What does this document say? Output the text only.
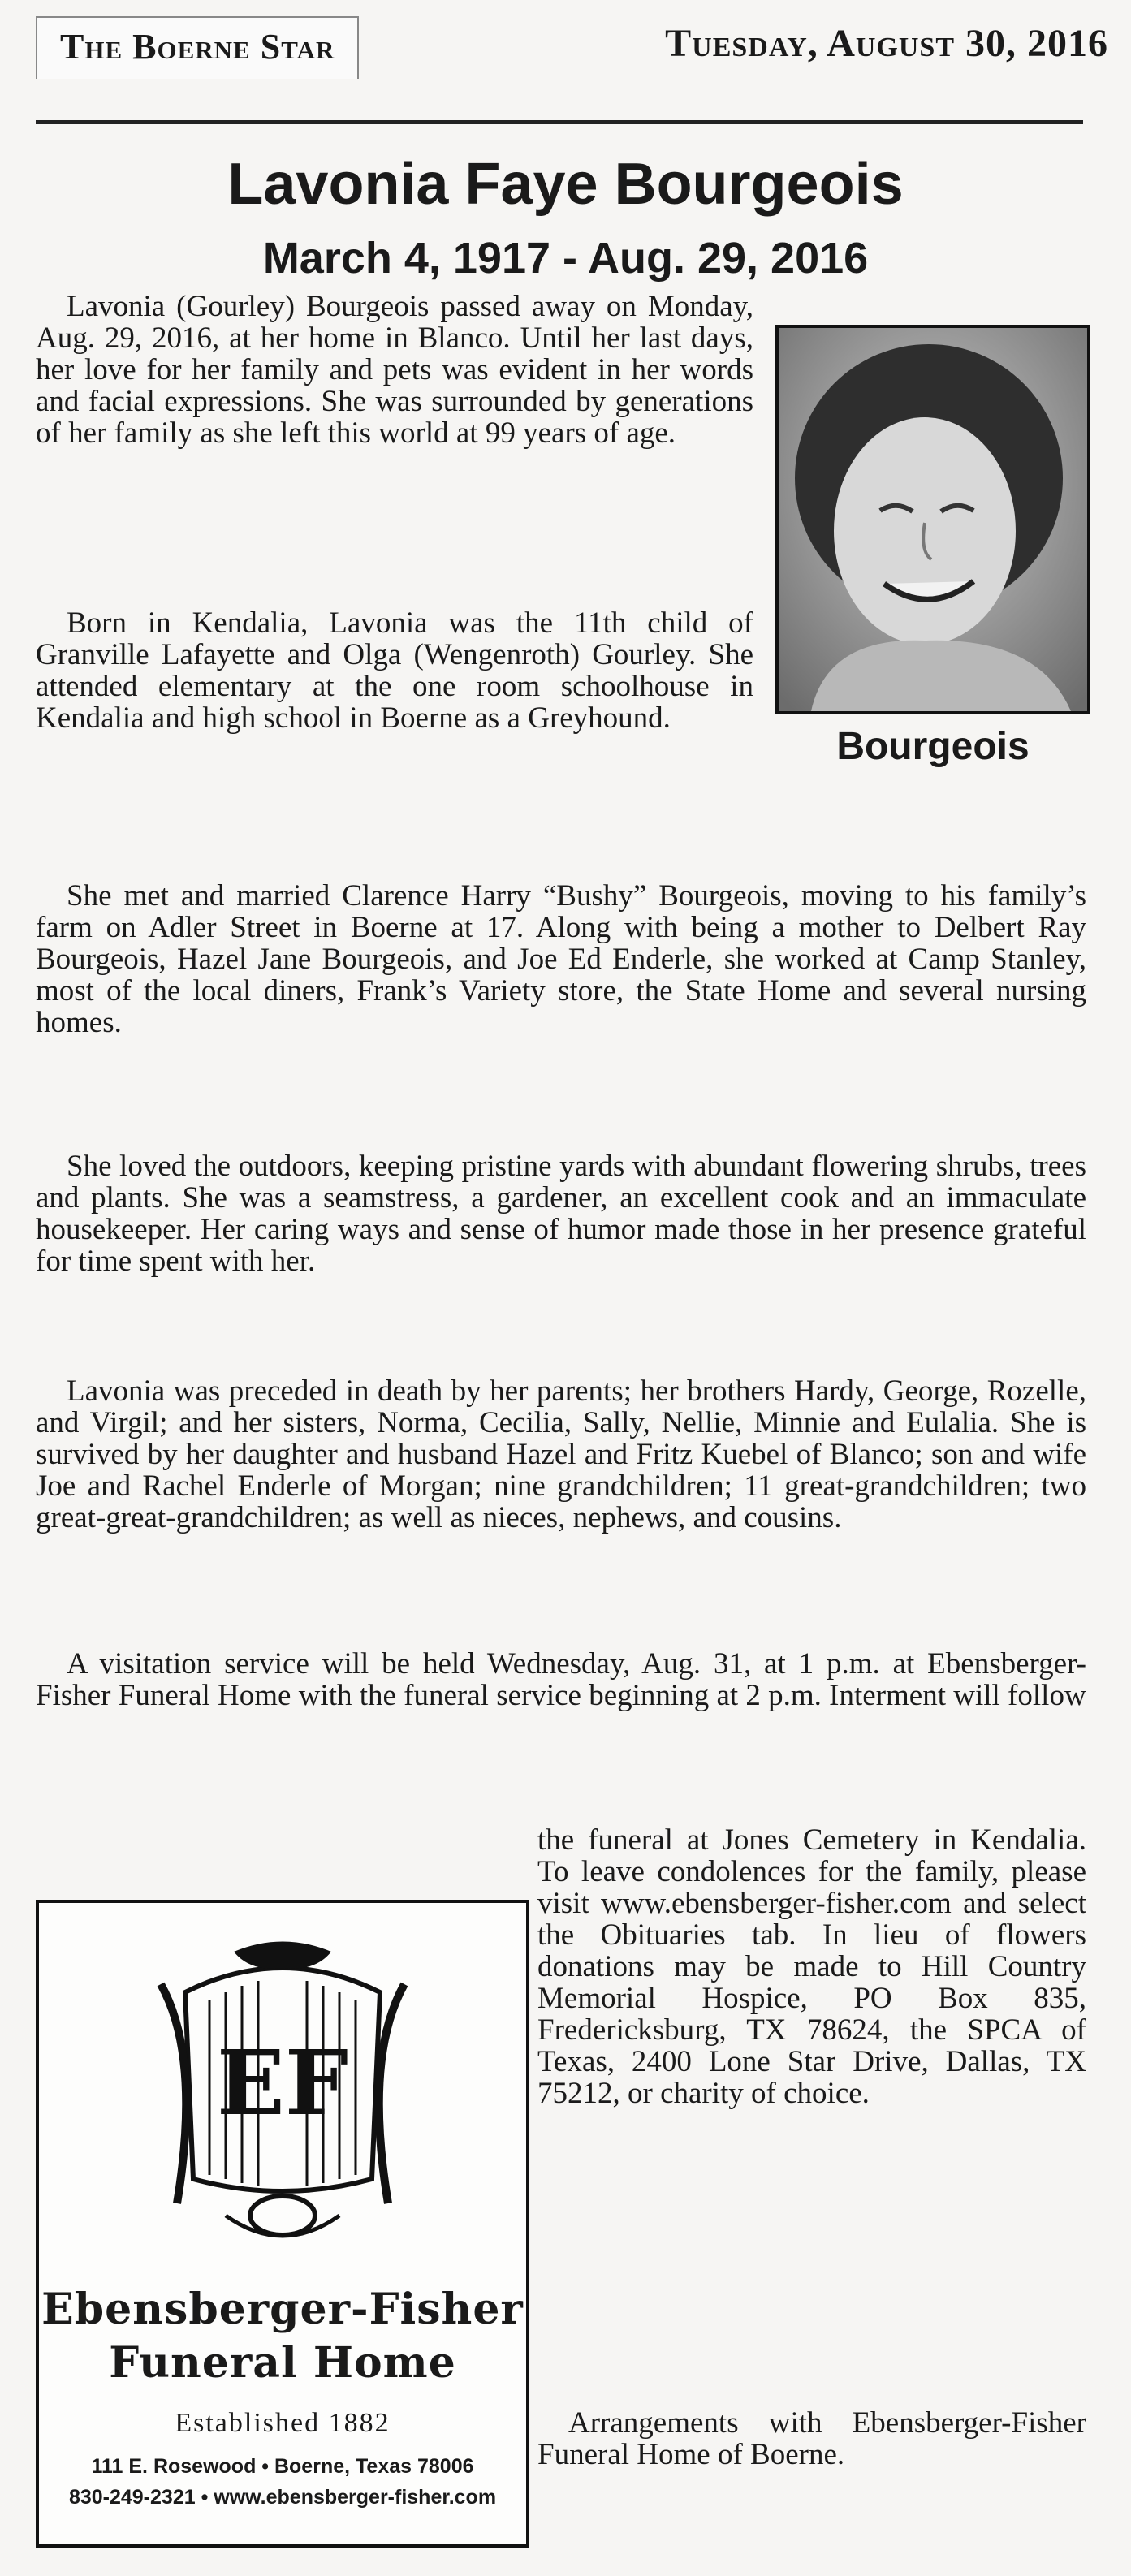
The Boerne Star	Tuesday, August 30, 2016
Lavonia Faye Bourgeois
March 4, 1917 - Aug. 29, 2016
Bourgeois

Lavonia (Gourley) Bourgeois passed away on Monday, Aug. 29, 2016, at her home in Blanco. Until her last days, her love for her family and pets was evident in her words and facial expressions. She was surrounded by generations of her family as she left this world at 99 years of age.

Born in Kendalia, Lavonia was the 11th child of Granville Lafayette and Olga (Wengenroth) Gourley. She attended elementary at the one room schoolhouse in Kendalia and high school in Boerne as a Greyhound.

She met and married Clarence Harry “Bushy” Bourgeois, moving to his family’s farm on Adler Street in Boerne at 17. Along with being a mother to Delbert Ray Bourgeois, Hazel Jane Bourgeois, and Joe Ed Enderle, she worked at Camp Stanley, most of the local diners, Frank’s Variety store, the State Home and several nursing homes.

She loved the outdoors, keeping pristine yards with abundant flowering shrubs, trees and plants. She was a seamstress, a gardener, an excellent cook and an immaculate housekeeper. Her caring ways and sense of humor made those in her presence grateful for time spent with her.

Lavonia was preceded in death by her parents; her brothers Hardy, George, Rozelle, and Virgil; and her sisters, Norma, Cecilia, Sally, Nellie, Minnie and Eulalia. She is survived by her daughter and husband Hazel and Fritz Kuebel of Blanco; son and wife Joe and Rachel Enderle of Morgan; nine grandchildren; 11 great-grandchildren; two great-great-grandchildren; as well as nieces, nephews, and cousins.

A visitation service will be held Wednesday, Aug. 31, at 1 p.m. at Ebensberger-Fisher Funeral Home with the funeral service beginning at 2 p.m. Interment will follow

the funeral at Jones Cemetery in Kendalia. To leave condolences for the family, please visit www.ebensberger-fisher.com and select the Obituaries tab. In lieu of flowers donations may be made to Hill Country Memorial Hospice, PO Box 835, Fredericksburg, TX 78624, the SPCA of Texas, 2400 Lone Star Drive, Dallas, TX 75212, or charity of choice.

Arrangements with Ebensberger-Fisher Funeral Home of Boerne.

EF
Ebensberger-Fisher
Funeral Home
Established 1882
111 E. Rosewood • Boerne, Texas 78006
830-249-2321 • www.ebensberger-fisher.com
